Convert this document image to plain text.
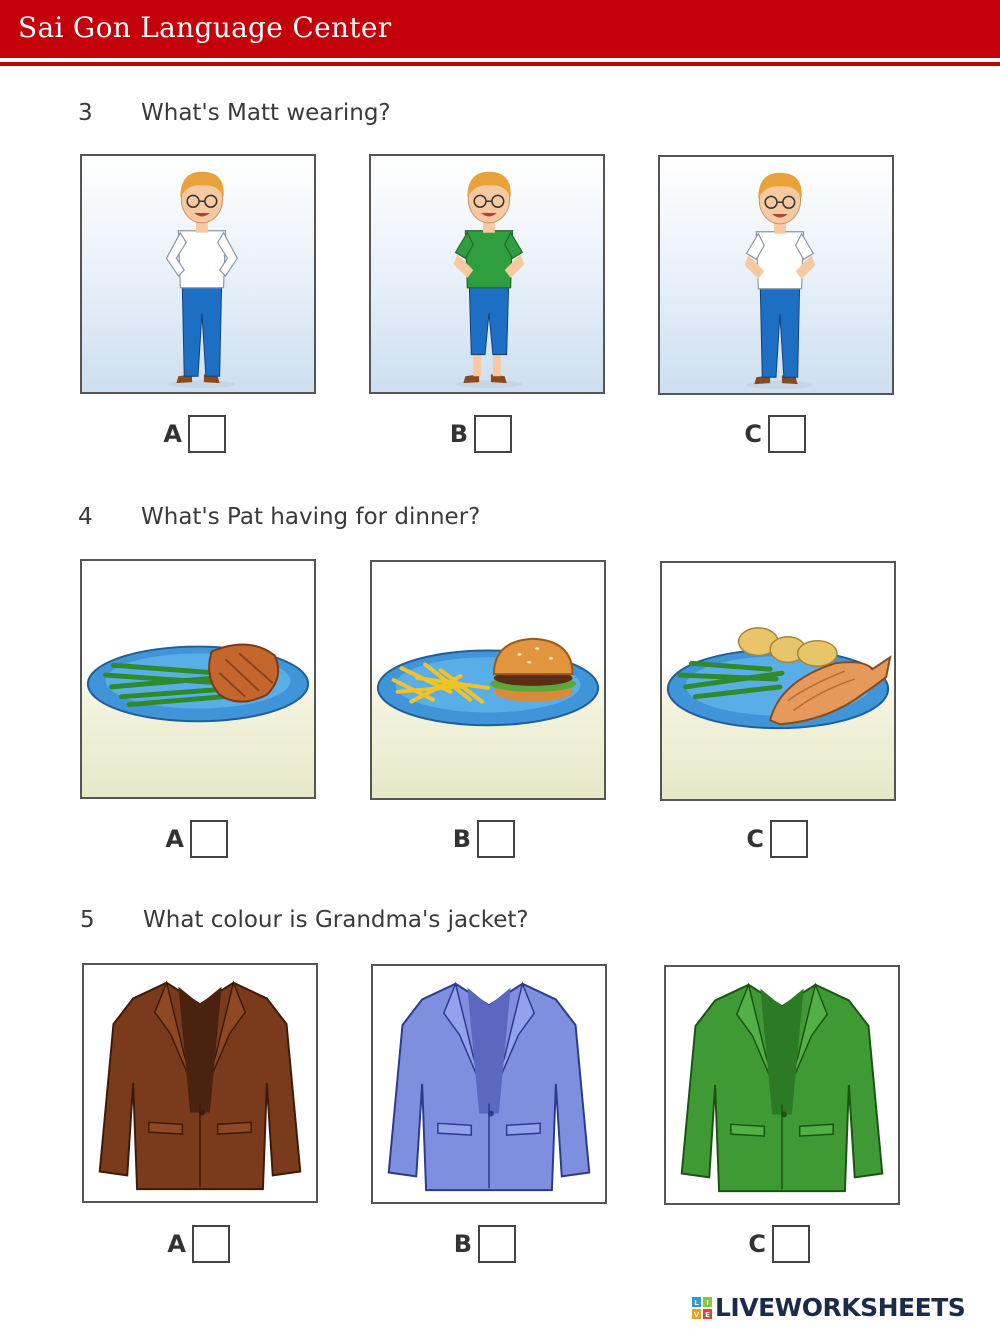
Sai Gon Language Center
3 What's Matt wearing?
A	B	C
4 What's Pat having for dinner?
A	B	C
5 What colour is Grandma's jacket?
A	B	C
L I
V E LIVEWORKSHEETS
